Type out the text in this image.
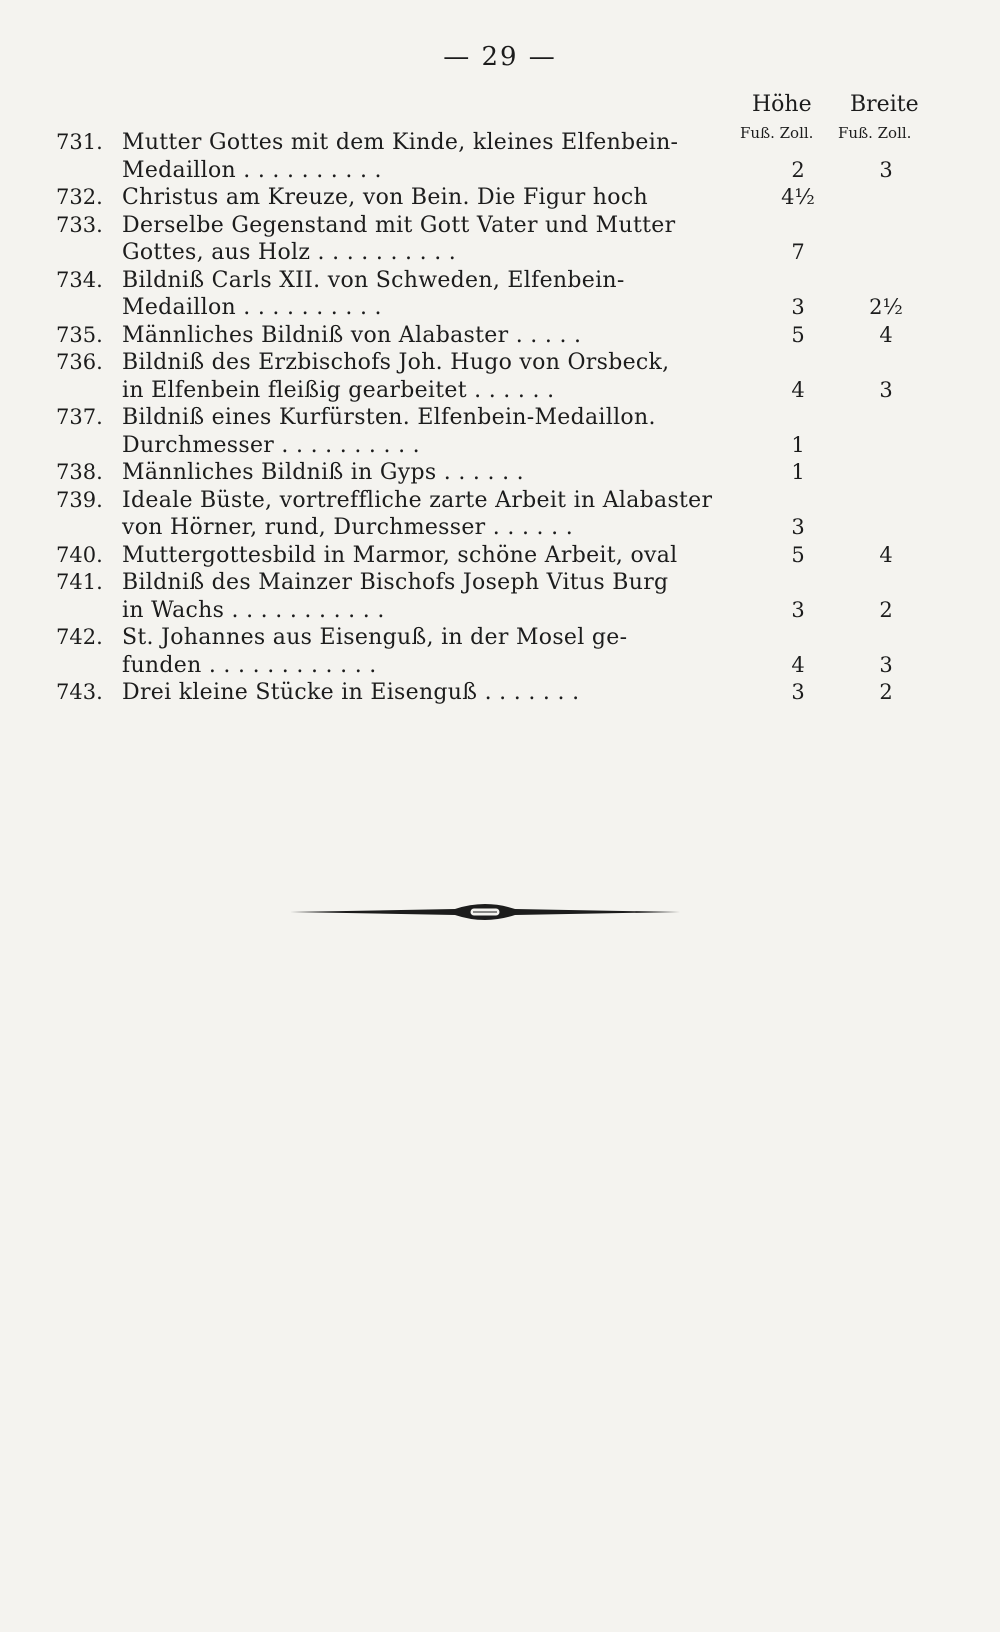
— 29 —
Höhe Breite
Fuß. Zoll. Fuß. Zoll.
731. Mutter Gottes mit dem Kinde, kleines Elfenbein-
Medaillon . . . . . . . . . .	2	3
732. Christus am Kreuze, von Bein. Die Figur hoch	4½
733. Derselbe Gegenstand mit Gott Vater und Mutter
Gottes, aus Holz . . . . . . . . . .	7
734. Bildniß Carls XII. von Schweden, Elfenbein-
Medaillon . . . . . . . . . .	3	2½
735. Männliches Bildniß von Alabaster . . . . .	5	4
736. Bildniß des Erzbischofs Joh. Hugo von Orsbeck,
in Elfenbein fleißig gearbeitet . . . . . .	4	3
737. Bildniß eines Kurfürsten. Elfenbein-Medaillon.
Durchmesser . . . . . . . . . .	1
738. Männliches Bildniß in Gyps . . . . . .	1
739. Ideale Büste, vortreffliche zarte Arbeit in Alabaster
von Hörner, rund, Durchmesser . . . . . .	3
740. Muttergottesbild in Marmor, schöne Arbeit, oval	5	4
741. Bildniß des Mainzer Bischofs Joseph Vitus Burg
in Wachs . . . . . . . . . . .	3	2
742. St. Johannes aus Eisenguß, in der Mosel ge-
funden . . . . . . . . . . . .	4	3
743. Drei kleine Stücke in Eisenguß . . . . . . .	3	2
